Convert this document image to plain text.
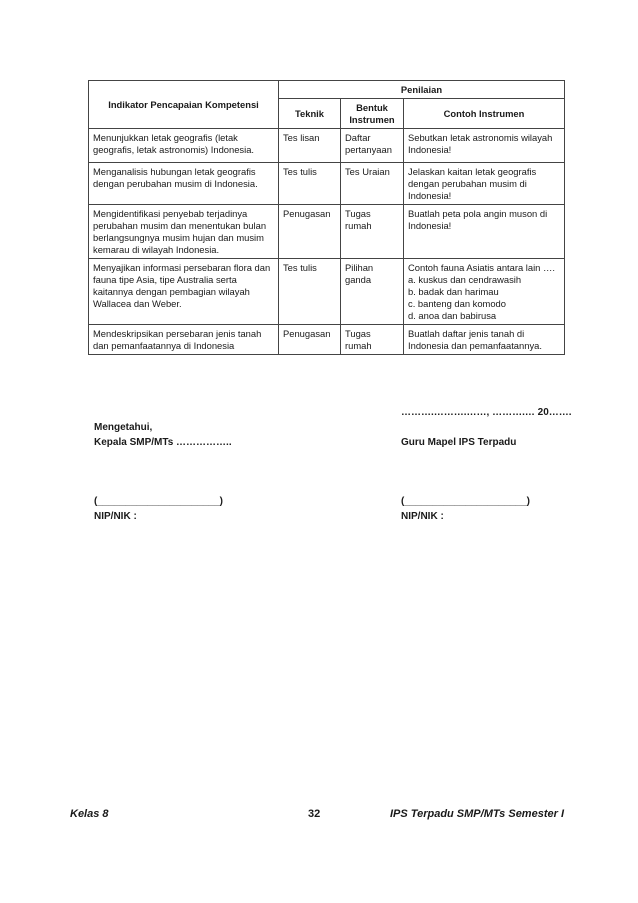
Indikator Pencapaian Kompetensi	Penilaian		
	Teknik	Bentuk Instrumen	Contoh Instrumen
Menunjukkan letak geografis (letak geografis, letak astronomis) Indonesia.	Tes lisan	Daftar pertanyaan	Sebutkan letak astronomis wilayah Indonesia!
Menganalisis hubungan letak geografis dengan perubahan musim di Indonesia.	Tes tulis	Tes Uraian	Jelaskan kaitan letak geografis dengan perubahan musim di Indonesia!
Mengidentifikasi penyebab terjadinya perubahan musim dan menentukan bulan berlangsungnya musim hujan dan musim kemarau di wilayah Indonesia.	Penugasan	Tugas rumah	Buatlah peta pola angin muson di Indonesia!
Menyajikan informasi persebaran flora dan fauna tipe Asia, tipe Australia serta kaitannya dengan pembagian wilayah Wallacea dan Weber.	Tes tulis	Pilihan ganda	Contoh fauna Asiatis antara lain ….
a. kuskus dan cendrawasih
b. badak dan harimau
c. banteng dan komodo
d. anoa dan babirusa
Mendeskripsikan persebaran jenis tanah dan pemanfaatannya di Indonesia	Penugasan	Tugas rumah	Buatlah daftar jenis tanah di Indonesia dan pemanfaatannya.
Mengetahui,
Kepala SMP/MTs ……………..
(______________________)
NIP/NIK :
……….……….……, ……….… 20…….
Guru Mapel IPS Terpadu
(______________________)
NIP/NIK :
Kelas 8	32	IPS Terpadu SMP/MTs Semester I
